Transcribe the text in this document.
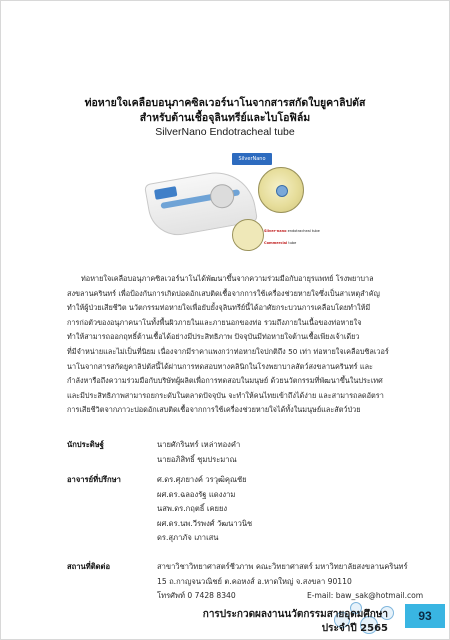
ท่อหายใจเคลือบอนุภาคซิลเวอร์นาโนจากสารสกัดใบยูคาลิปตัส
สำหรับต้านเชื้อจุลินทรีย์และไบโอฟิล์ม
SilverNano Endotracheal tube
SilverNano
Silver-nano endotracheal tube
Commercial tube
ท่อหายใจเคลือบอนุภาคซิลเวอร์นาโนได้พัฒนาขึ้นจากความร่วมมือกับอายุรแพทย์ โรงพยาบาล
สงขลานครินทร์ เพื่อป้องกันการเกิดปอดอักเสบติดเชื้อจากการใช้เครื่องช่วยหายใจซึ่งเป็นสาเหตุสำคัญ
ทำให้ผู้ป่วยเสียชีวิต นวัตกรรมท่อหายใจเพื่อยับยั้งจุลินทรีย์นี้ได้อาศัยกระบวนการเคลือบโดยทำให้มี
การก่อตัวของอนุภาคนาโนทั้งพื้นผิวภายในและภายนอกของท่อ รวมถึงภายในเนื้อของท่อหายใจ
ทำให้สามารถออกฤทธิ์ต้านเชื้อได้อย่างมีประสิทธิภาพ ปัจจุบันมีท่อหายใจต้านเชื้อเพียงเจ้าเดียว
ที่มีจำหน่ายและไม่เป็นที่นิยม เนื่องจากมีราคาแพงกว่าท่อหายใจปกติถึง 50 เท่า ท่อหายใจเคลือบซิลเวอร์
นาโนจากสารสกัดยูคาลิปตัสนี้ได้ผ่านการทดสอบทางคลินิกในโรงพยาบาลสัตว์สงขลานครินทร์ และ
กำลังหารือถึงความร่วมมือกับบริษัทผู้ผลิตเพื่อการทดสอบในมนุษย์ ด้วยนวัตกรรมที่พัฒนาขึ้นในประเทศ
และมีประสิทธิภาพสามารถยกระดับในตลาดปัจจุบัน จะทำให้คนไทยเข้าถึงได้ง่าย และสามารถลดอัตรา
การเสียชีวิตจากภาวะปอดอักเสบติดเชื้อจากการใช้เครื่องช่วยหายใจได้ทั้งในมนุษย์และสัตว์ป่วย
นักประดิษฐ์	นายศักรินทร์ เหล่าทองคำ
นายอภิสิทธิ์ ชุมประมาณ
อาจารย์ที่ปรึกษา	ศ.ดร.ศุภยางค์ วรวุฒิคุณชัย
ผศ.ดร.ฉลองรัฐ แดงงาม
นสพ.ดร.กฤตธิ์ เคยยง
ผศ.ดร.นพ.วีรพงศ์ วัฒนาวนิช
ดร.สุภาภัจ เภาเสน
สถานที่ติดต่อ	สาขาวิชาวิทยาศาสตร์ชีวภาพ คณะวิทยาศาสตร์ มหาวิทยาลัยสงขลานครินทร์
15 ถ.กาญจนวณิชย์ ต.คอหงส์ อ.หาดใหญ่ จ.สงขลา 90110
โทรศัพท์ 0 7428 8340	E-mail: baw_sak@hotmail.com
การประกวดผลงานนวัตกรรมสายอุดมศึกษา
ประจำปี 2565
93
